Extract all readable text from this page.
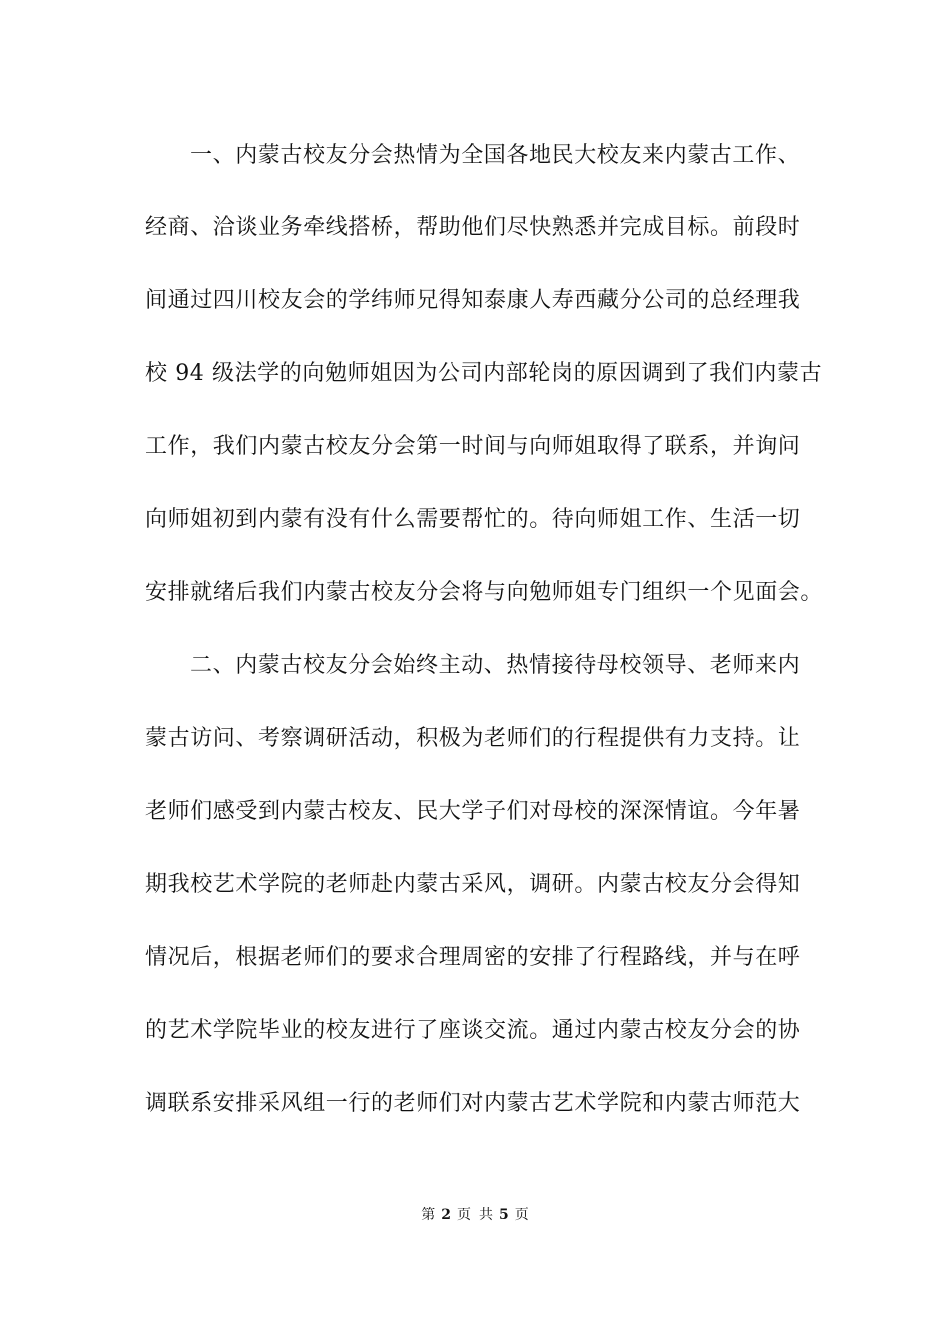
一、内蒙古校友分会热情为全国各地民大校友来内蒙古工作、
经商、洽谈业务牵线搭桥，帮助他们尽快熟悉并完成目标。前段时
间通过四川校友会的学纬师兄得知泰康人寿西藏分公司的总经理我
校 94 级法学的向勉师姐因为公司内部轮岗的原因调到了我们内蒙古
工作，我们内蒙古校友分会第一时间与向师姐取得了联系，并询问
向师姐初到内蒙有没有什么需要帮忙的。待向师姐工作、生活一切
安排就绪后我们内蒙古校友分会将与向勉师姐专门组织一个见面会。
二、内蒙古校友分会始终主动、热情接待母校领导、老师来内
蒙古访问、考察调研活动，积极为老师们的行程提供有力支持。让
老师们感受到内蒙古校友、民大学子们对母校的深深情谊。今年暑
期我校艺术学院的老师赴内蒙古采风，调研。内蒙古校友分会得知
情况后，根据老师们的要求合理周密的安排了行程路线，并与在呼
的艺术学院毕业的校友进行了座谈交流。通过内蒙古校友分会的协
调联系安排采风组一行的老师们对内蒙古艺术学院和内蒙古师范大
第 2 页 共 5 页
